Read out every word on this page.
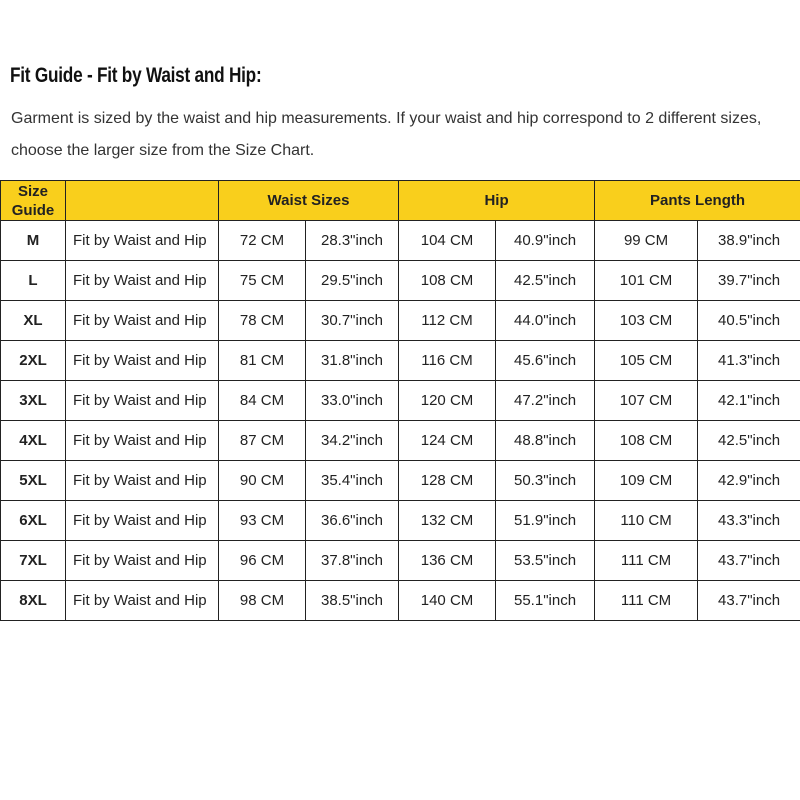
Fit Guide - Fit by Waist and Hip:
Garment is sized by the waist and hip measurements. If your waist and hip correspond to 2 different sizes, choose the larger size from the Size Chart.
Size
Guide		Waist Sizes		Hip		Pants Length	
M	Fit by Waist and Hip	72 CM	28.3"inch	104 CM	40.9"inch	99 CM	38.9"inch
L	Fit by Waist and Hip	75 CM	29.5"inch	108 CM	42.5"inch	101 CM	39.7"inch
XL	Fit by Waist and Hip	78 CM	30.7"inch	112 CM	44.0"inch	103 CM	40.5"inch
2XL	Fit by Waist and Hip	81 CM	31.8"inch	116 CM	45.6"inch	105 CM	41.3"inch
3XL	Fit by Waist and Hip	84 CM	33.0"inch	120 CM	47.2"inch	107 CM	42.1"inch
4XL	Fit by Waist and Hip	87 CM	34.2"inch	124 CM	48.8"inch	108 CM	42.5"inch
5XL	Fit by Waist and Hip	90 CM	35.4"inch	128 CM	50.3"inch	109 CM	42.9"inch
6XL	Fit by Waist and Hip	93 CM	36.6"inch	132 CM	51.9"inch	110 CM	43.3"inch
7XL	Fit by Waist and Hip	96 CM	37.8"inch	136 CM	53.5"inch	111 CM	43.7"inch
8XL	Fit by Waist and Hip	98 CM	38.5"inch	140 CM	55.1"inch	111 CM	43.7"inch
